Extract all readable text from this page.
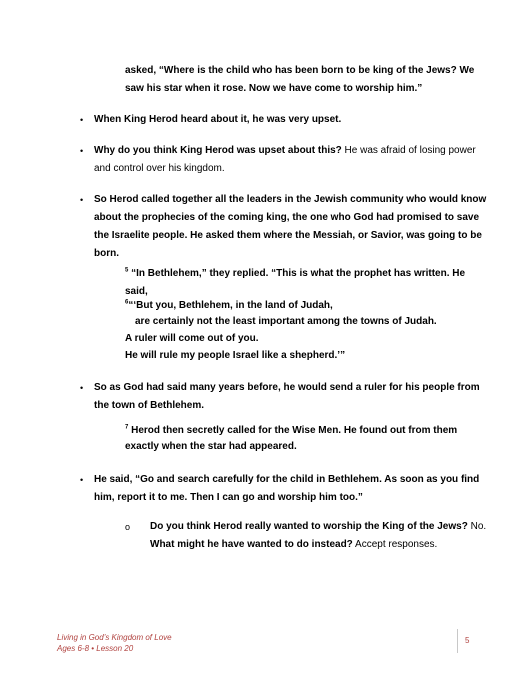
asked, “Where is the child who has been born to be king of the Jews? We
saw his star when it rose. Now we have come to worship him.”
• When King Herod heard about it, he was very upset.
• Why do you think King Herod was upset about this? He was afraid of losing power
and control over his kingdom.
• So Herod called together all the leaders in the Jewish community who would know
about the prophecies of the coming king, the one who God had promised to save
the Israelite people. He asked them where the Messiah, or Savior, was going to be
born.
$^5$ “In Bethlehem,” they replied. “This is what the prophet has written. He
said,
$^6$“‘But you, Bethlehem, in the land of Judah,
are certainly not the least important among the towns of Judah.
A ruler will come out of you.
He will rule my people Israel like a shepherd.’”
• So as God had said many years before, he would send a ruler for his people from
the town of Bethlehem.
$^7$ Herod then secretly called for the Wise Men. He found out from them
exactly when the star had appeared.
• He said, “Go and search carefully for the child in Bethlehem. As soon as you find
him, report it to me. Then I can go and worship him too.”
o Do you think Herod really wanted to worship the King of the Jews? No.
What might he have wanted to do instead? Accept responses.
Living in God’s Kingdom of Love
Ages 6-8 • Lesson 20
5
